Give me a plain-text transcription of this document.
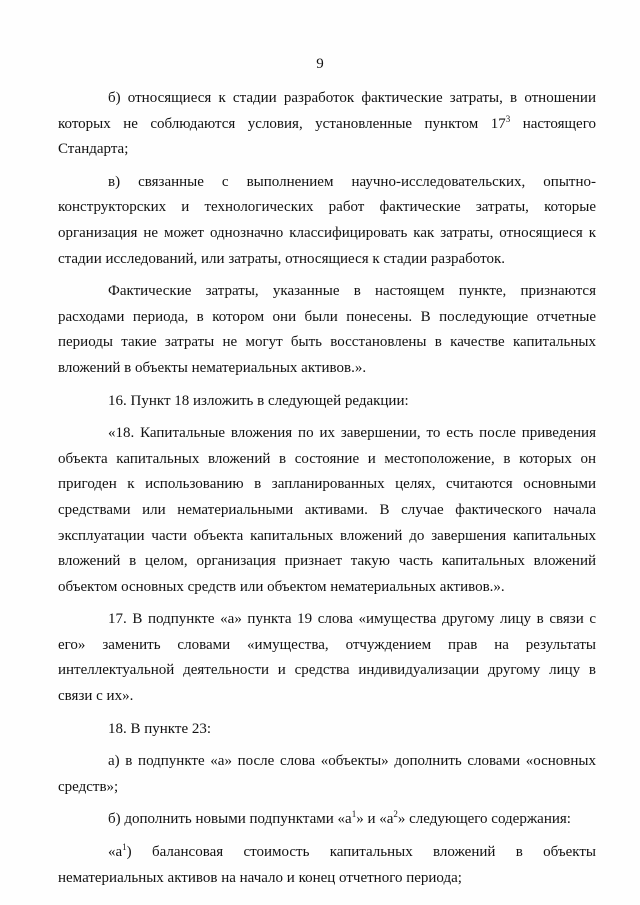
9

б) относящиеся к стадии разработок фактические затраты, в отношении которых не соблюдаются условия, установленные пунктом $17^3$ настоящего Стандарта;

в) связанные с выполнением научно-исследовательских, опытно-конструкторских и технологических работ фактические затраты, которые организация не может однозначно классифицировать как затраты, относящиеся к стадии исследований, или затраты, относящиеся к стадии разработок.

Фактические затраты, указанные в настоящем пункте, признаются расходами периода, в котором они были понесены. В последующие отчетные периоды такие затраты не могут быть восстановлены в качестве капитальных вложений в объекты нематериальных активов.».

16. Пункт 18 изложить в следующей редакции:

«18. Капитальные вложения по их завершении, то есть после приведения объекта капитальных вложений в состояние и местоположение, в которых он пригоден к использованию в запланированных целях, считаются основными средствами или нематериальными активами. В случае фактического начала эксплуатации части объекта капитальных вложений до завершения капитальных вложений в целом, организация признает такую часть капитальных вложений объектом основных средств или объектом нематериальных активов.».

17. В подпункте «а» пункта 19 слова «имущества другому лицу в связи с его» заменить словами «имущества, отчуждением прав на результаты интеллектуальной деятельности и средства индивидуализации другому лицу в связи с их».

18. В пункте 23:

а) в подпункте «а» после слова «объекты» дополнить словами «основных средств»;

б) дополнить новыми подпунктами «$а^1$» и «$а^2$» следующего содержания:

«$а^1$) балансовая стоимость капитальных вложений в объекты нематериальных активов на начало и конец отчетного периода;
